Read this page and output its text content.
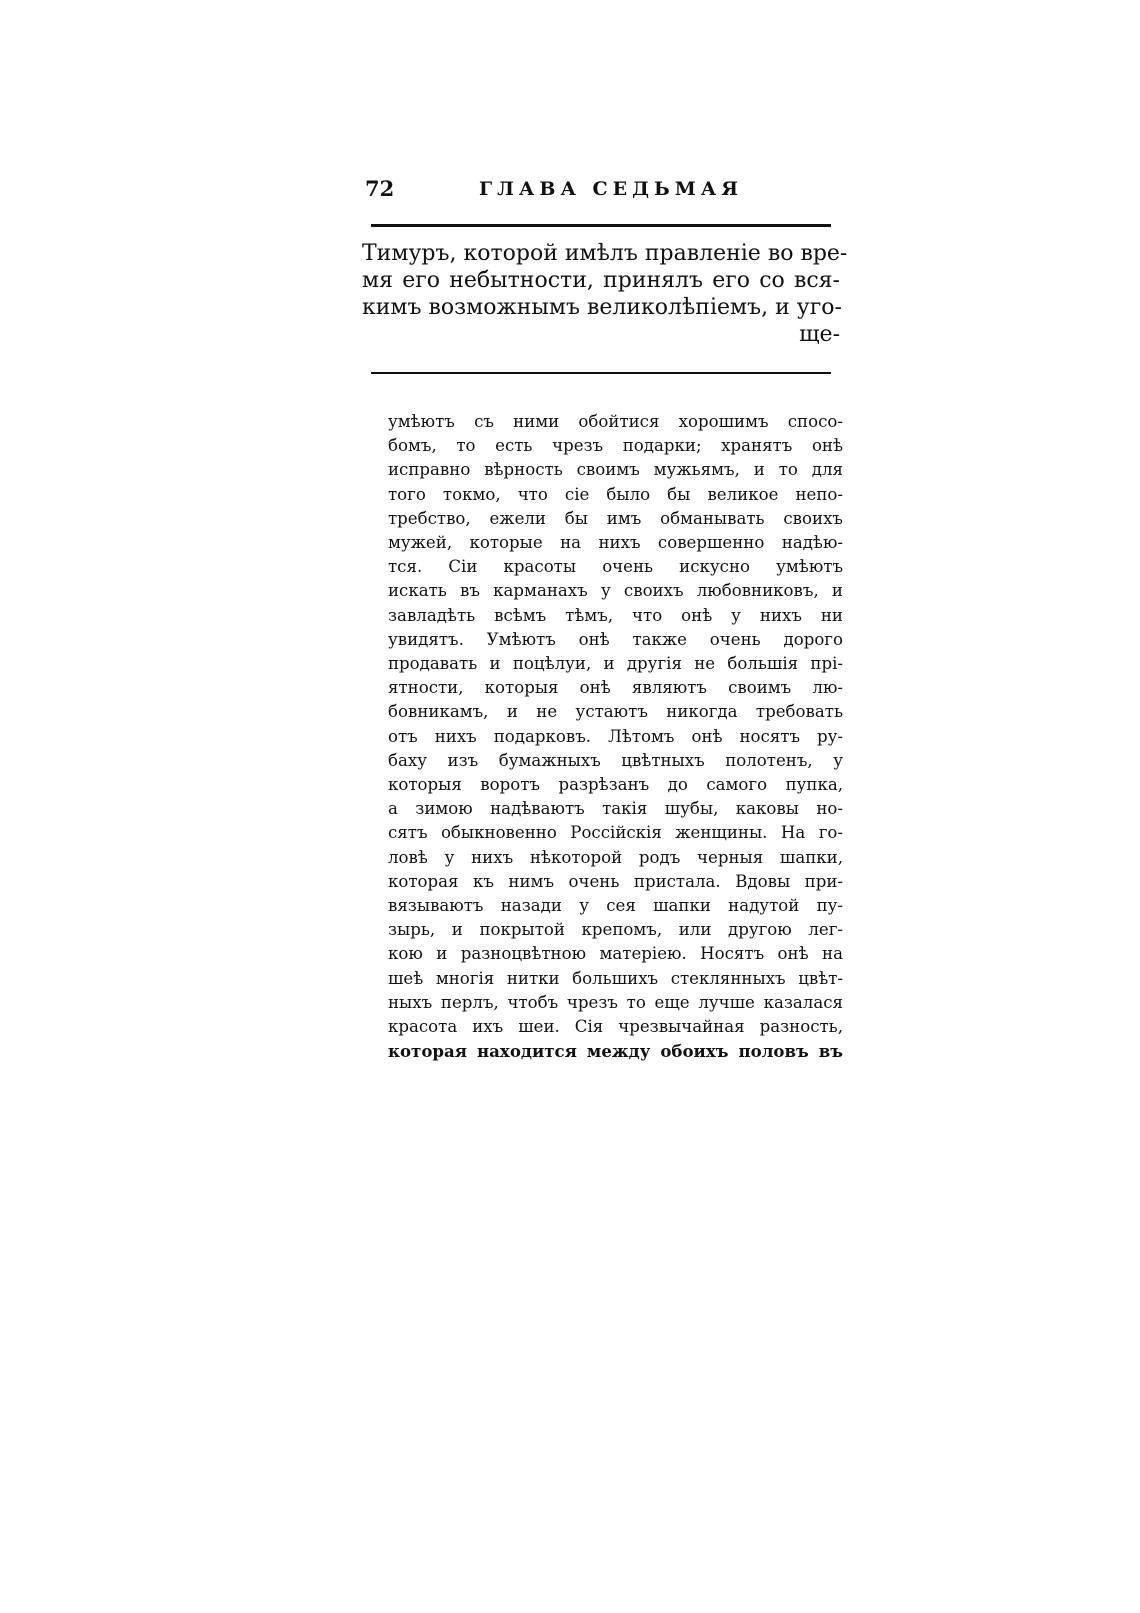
72	ГЛАВА СЕДЬМАЯ
Тимуръ, которой имѣлъ правленіе во вре-
мя его небытности, принялъ его со вся-
кимъ возможнымъ великолѣпіемъ, и уго-
ще-
умѣютъ съ ними обойтися хорошимъ спосо-
бомъ, то есть чрезъ подарки; хранятъ онѣ
исправно вѣрность своимъ мужьямъ, и то для
того токмо, что сіе было бы великое непо-
требство, ежели бы имъ обманывать своихъ
мужей, которые на нихъ совершенно надѣю-
тся. Сіи красоты очень искусно умѣютъ
искать въ карманахъ у своихъ любовниковъ, и
завладѣть всѣмъ тѣмъ, что онѣ у нихъ ни
увидятъ. Умѣютъ онѣ также очень дорого
продавать и поцѣлуи, и другія не большія прі-
ятности, которыя онѣ являютъ своимъ лю-
бовникамъ, и не устаютъ никогда требовать
отъ нихъ подарковъ. Лѣтомъ онѣ носятъ ру-
баху изъ бумажныхъ цвѣтныхъ полотенъ, у
которыя воротъ разрѣзанъ до самого пупка,
а зимою надѣваютъ такія шубы, каковы но-
сятъ обыкновенно Россійскія женщины. На го-
ловѣ у нихъ нѣкоторой родъ черныя шапки,
которая къ нимъ очень пристала. Вдовы при-
вязываютъ назади у сея шапки надутой пу-
зырь, и покрытой крепомъ, или другою лег-
кою и разноцвѣтною матеріею. Носятъ онѣ на
шеѣ многія нитки большихъ стеклянныхъ цвѣт-
ныхъ перлъ, чтобъ чрезъ то еще лучше казалася
красота ихъ шеи. Сія чрезвычайная разность,
которая находится между обоихъ половъ въ
